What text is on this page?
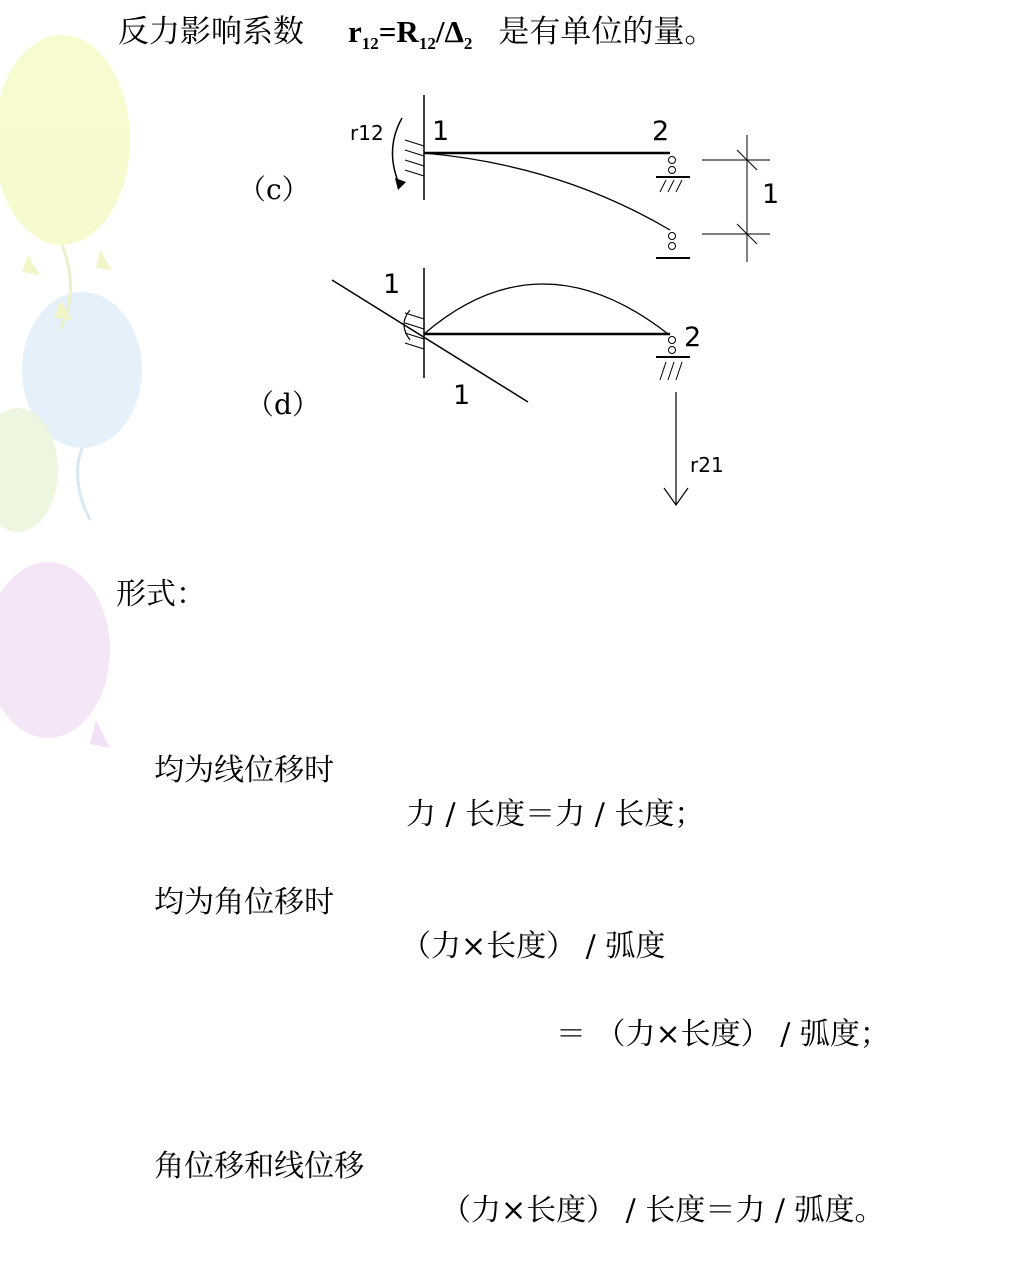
反力影响系数 $r_{12}=R_{12}/\Delta_2$ 是有单位的量。
（c）
（d）
r12 1	2
1
1
1
2
r21

形式：

均为线位移时

力 / 长度＝力 / 长度；

均为角位移时

（力×长度） / 弧度

＝ （力×长度） / 弧度；

角位移和线位移

（力×长度） / 长度＝力 / 弧度。
